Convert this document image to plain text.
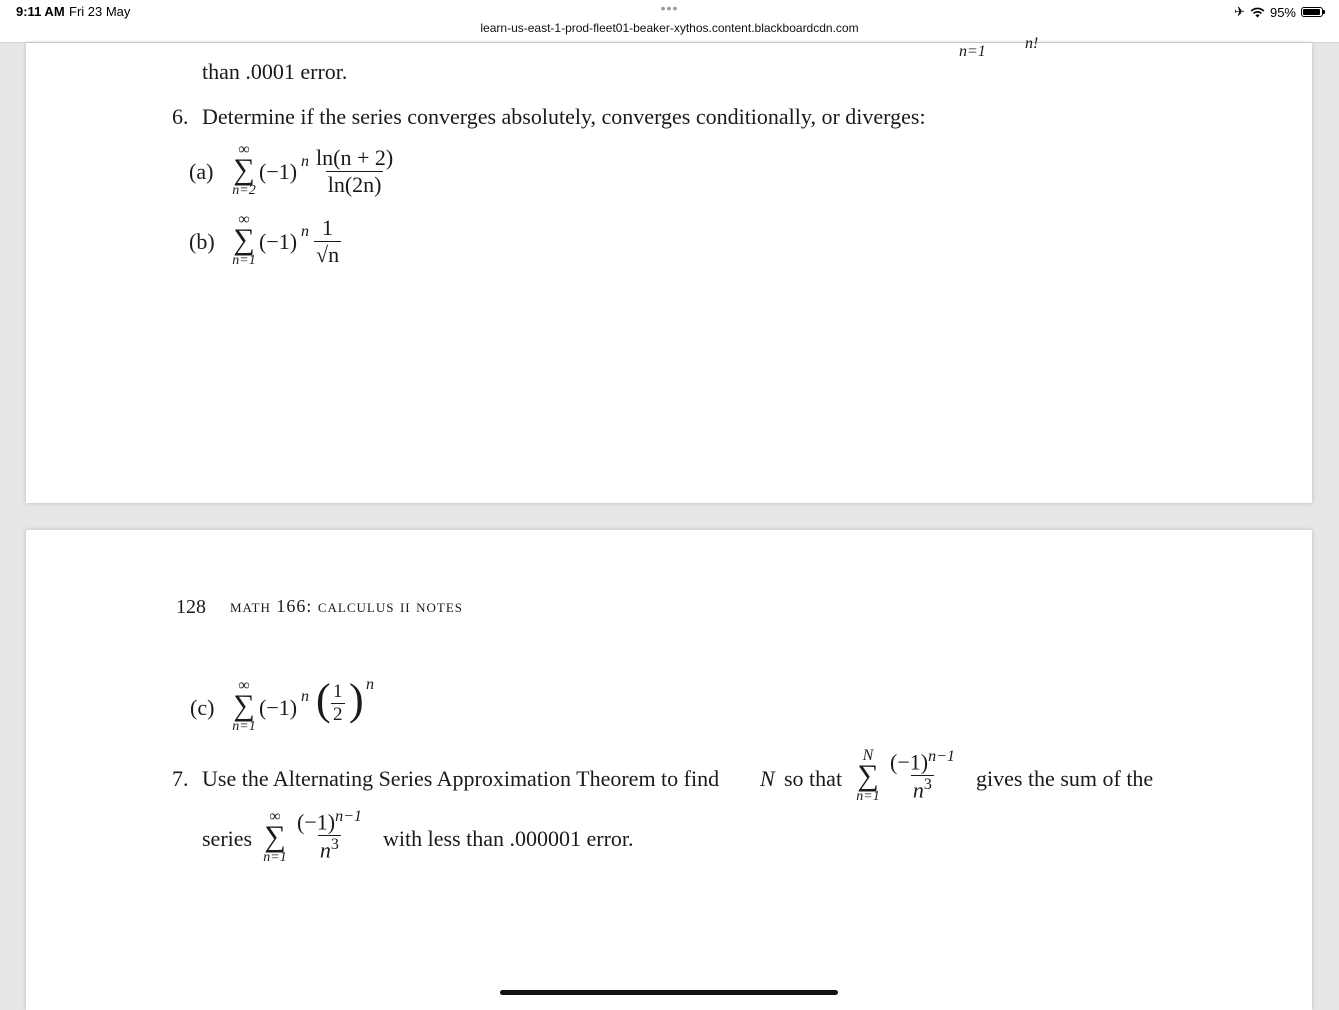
9:11 AM Fri 23 May	•••
learn-us-east-1-prod-fleet01-beaker-xythos.content.blackboardcdn.com
✈ 95%
n=1 n!
than .0001 error.
6. Determine if the series converges absolutely, converges conditionally, or diverges:
(a)
∞
∑
n=2
(−1) n $\frac{\ln(n + 2)}{\ln(2n)}$
(b)
∞
∑
n=1
(−1) n $\frac{1}{√n}$
128 math 166: calculus ii notes
(c)
∞
∑
n=1
(−1) n ( $\frac{1}{2}$ ) n
7. Use the Alternating Series Approximation Theorem to find N so that
N
∑
$n=1 \frac{(-1)^{n-1}}{n^3}$ gives the sum of the
series
∞
∑
$n=1 \frac{(-1)^{n-1}}{n^3}$ with less than .000001 error.
